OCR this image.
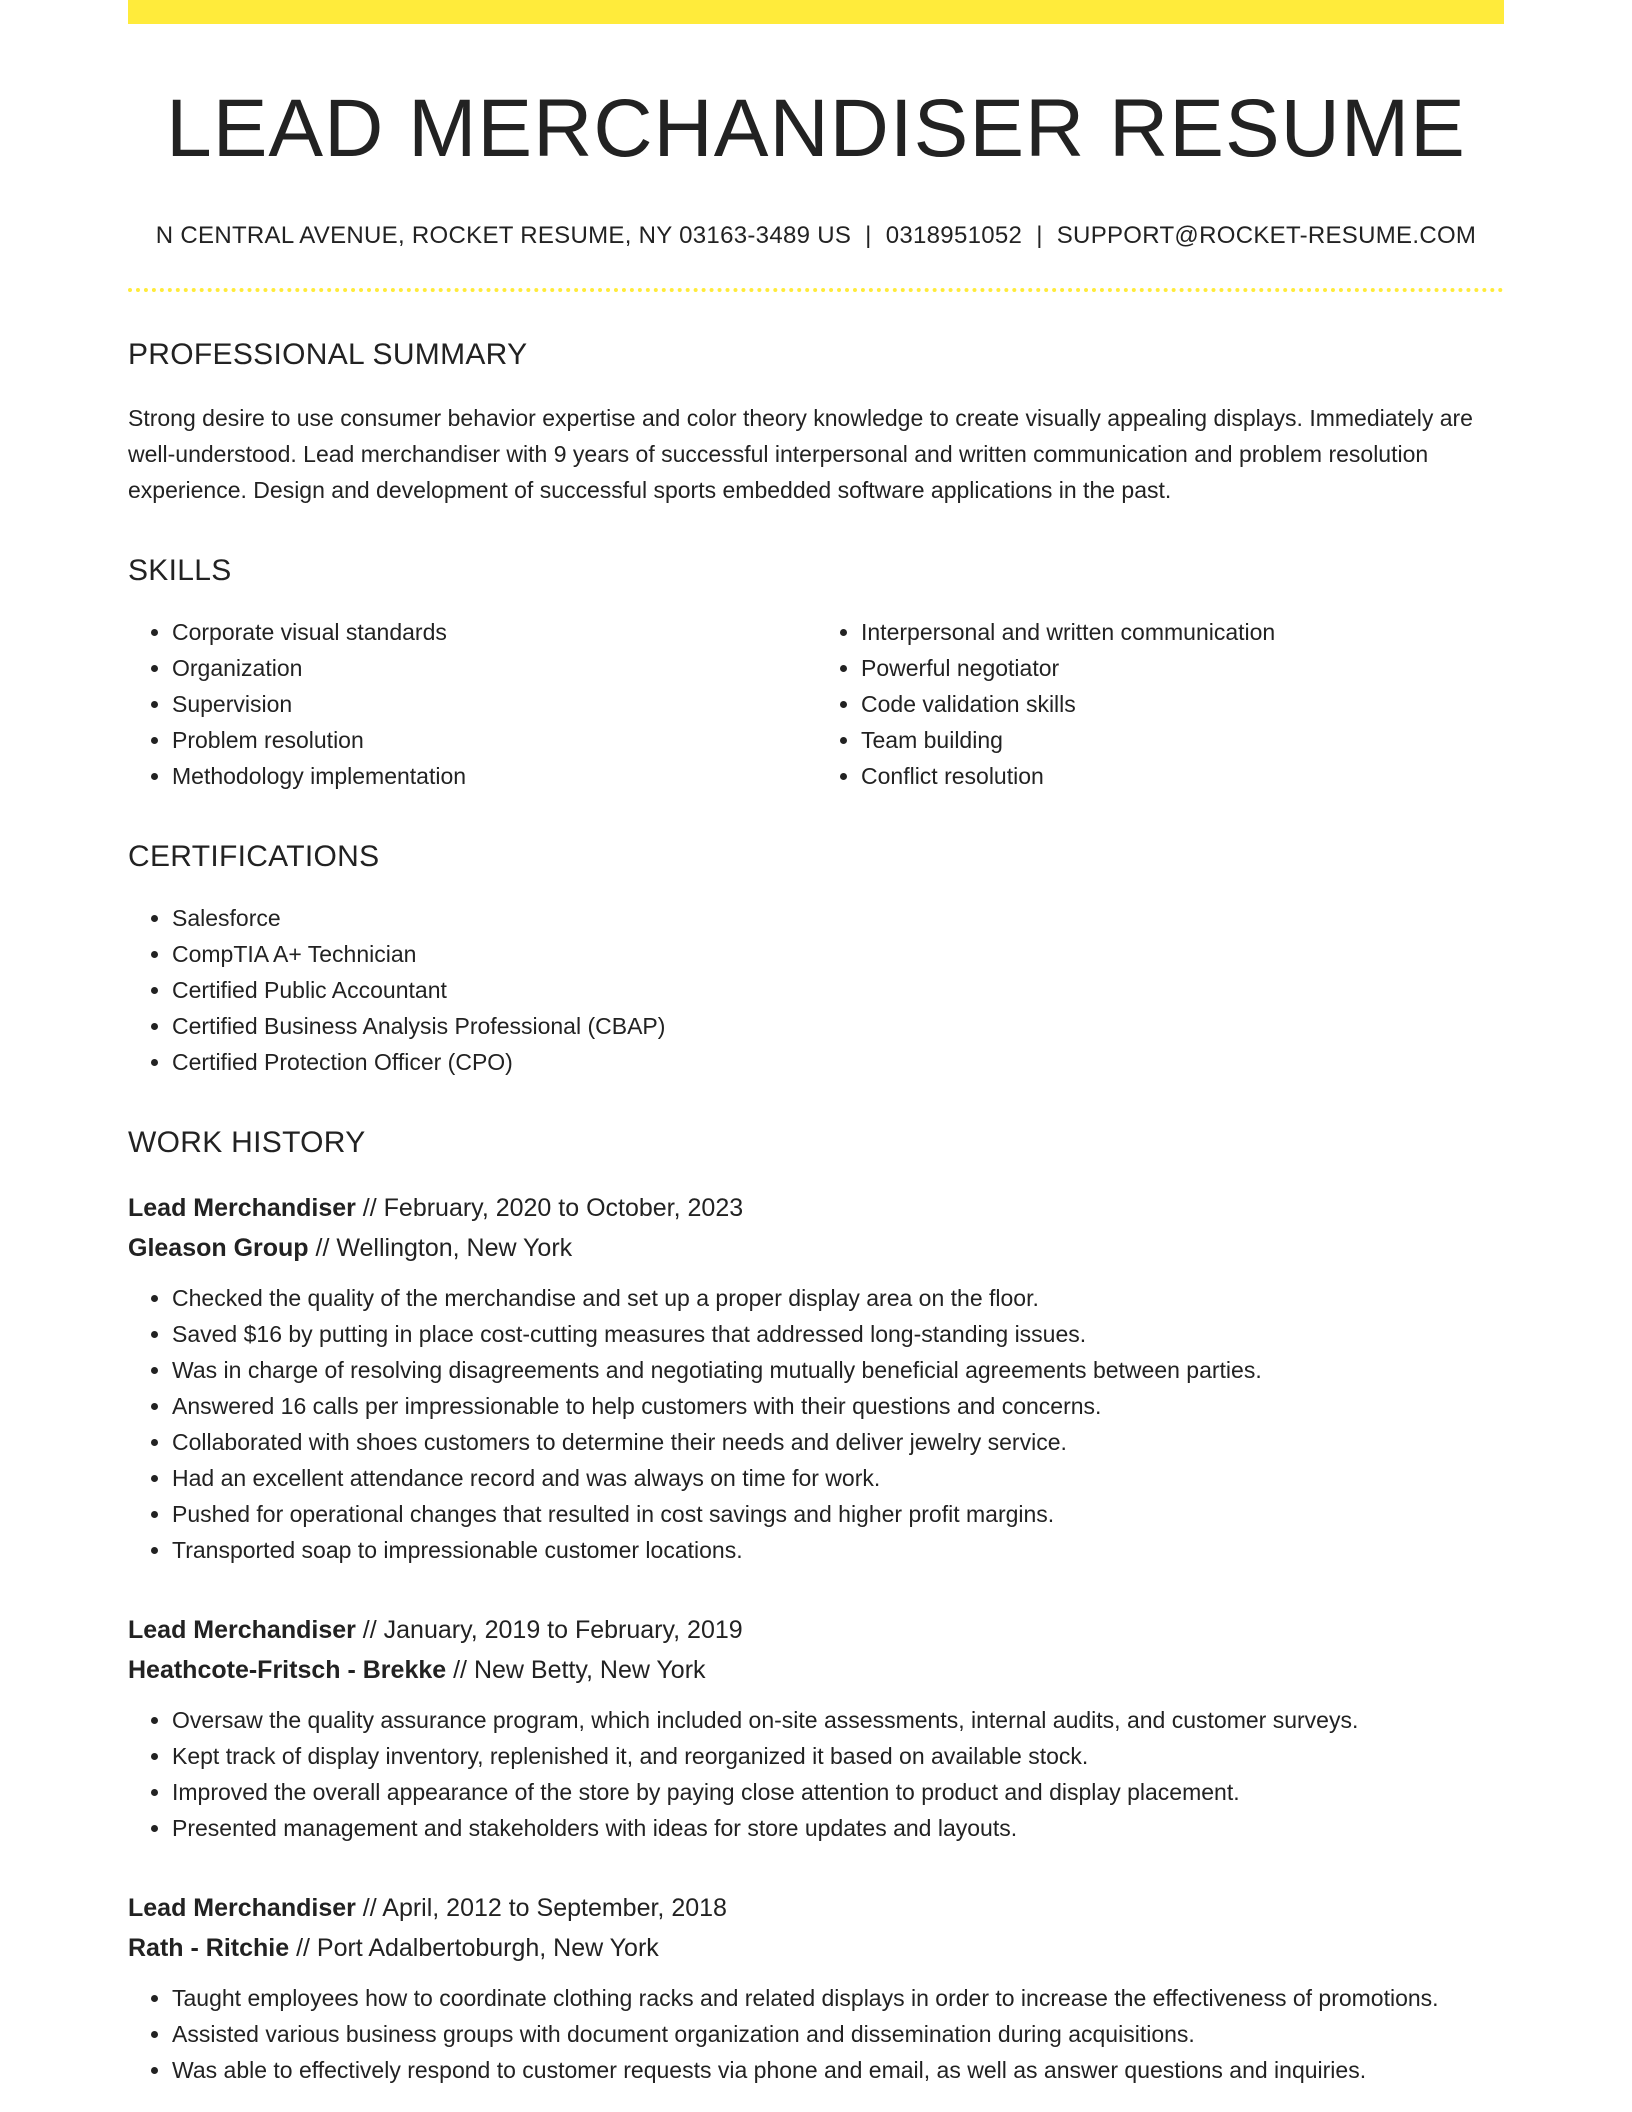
LEAD MERCHANDISER RESUME
N CENTRAL AVENUE, ROCKET RESUME, NY 03163-3489 US | 0318951052 | SUPPORT@ROCKET-RESUME.COM
PROFESSIONAL SUMMARY

Strong desire to use consumer behavior expertise and color theory knowledge to create visually appealing displays. Immediately are well-understood. Lead merchandiser with 9 years of successful interpersonal and written communication and problem resolution experience. Design and development of successful sports embedded software applications in the past.

SKILLS
• Corporate visual standards
• Organization
• Supervision
• Problem resolution
• Methodology implementation
• Interpersonal and written communication
• Powerful negotiator
• Code validation skills
• Team building
• Conflict resolution
CERTIFICATIONS
• Salesforce
• CompTIA A+ Technician
• Certified Public Accountant
• Certified Business Analysis Professional (CBAP)
• Certified Protection Officer (CPO)
WORK HISTORY
Lead Merchandiser // February, 2020 to October, 2023
Gleason Group // Wellington, New York
• Checked the quality of the merchandise and set up a proper display area on the floor.
• Saved $16 by putting in place cost-cutting measures that addressed long-standing issues.
• Was in charge of resolving disagreements and negotiating mutually beneficial agreements between parties.
• Answered 16 calls per impressionable to help customers with their questions and concerns.
• Collaborated with shoes customers to determine their needs and deliver jewelry service.
• Had an excellent attendance record and was always on time for work.
• Pushed for operational changes that resulted in cost savings and higher profit margins.
• Transported soap to impressionable customer locations.
Lead Merchandiser // January, 2019 to February, 2019
Heathcote-Fritsch - Brekke // New Betty, New York
• Oversaw the quality assurance program, which included on-site assessments, internal audits, and customer surveys.
• Kept track of display inventory, replenished it, and reorganized it based on available stock.
• Improved the overall appearance of the store by paying close attention to product and display placement.
• Presented management and stakeholders with ideas for store updates and layouts.
Lead Merchandiser // April, 2012 to September, 2018
Rath - Ritchie // Port Adalbertoburgh, New York
• Taught employees how to coordinate clothing racks and related displays in order to increase the effectiveness of promotions.
• Assisted various business groups with document organization and dissemination during acquisitions.
• Was able to effectively respond to customer requests via phone and email, as well as answer questions and inquiries.
